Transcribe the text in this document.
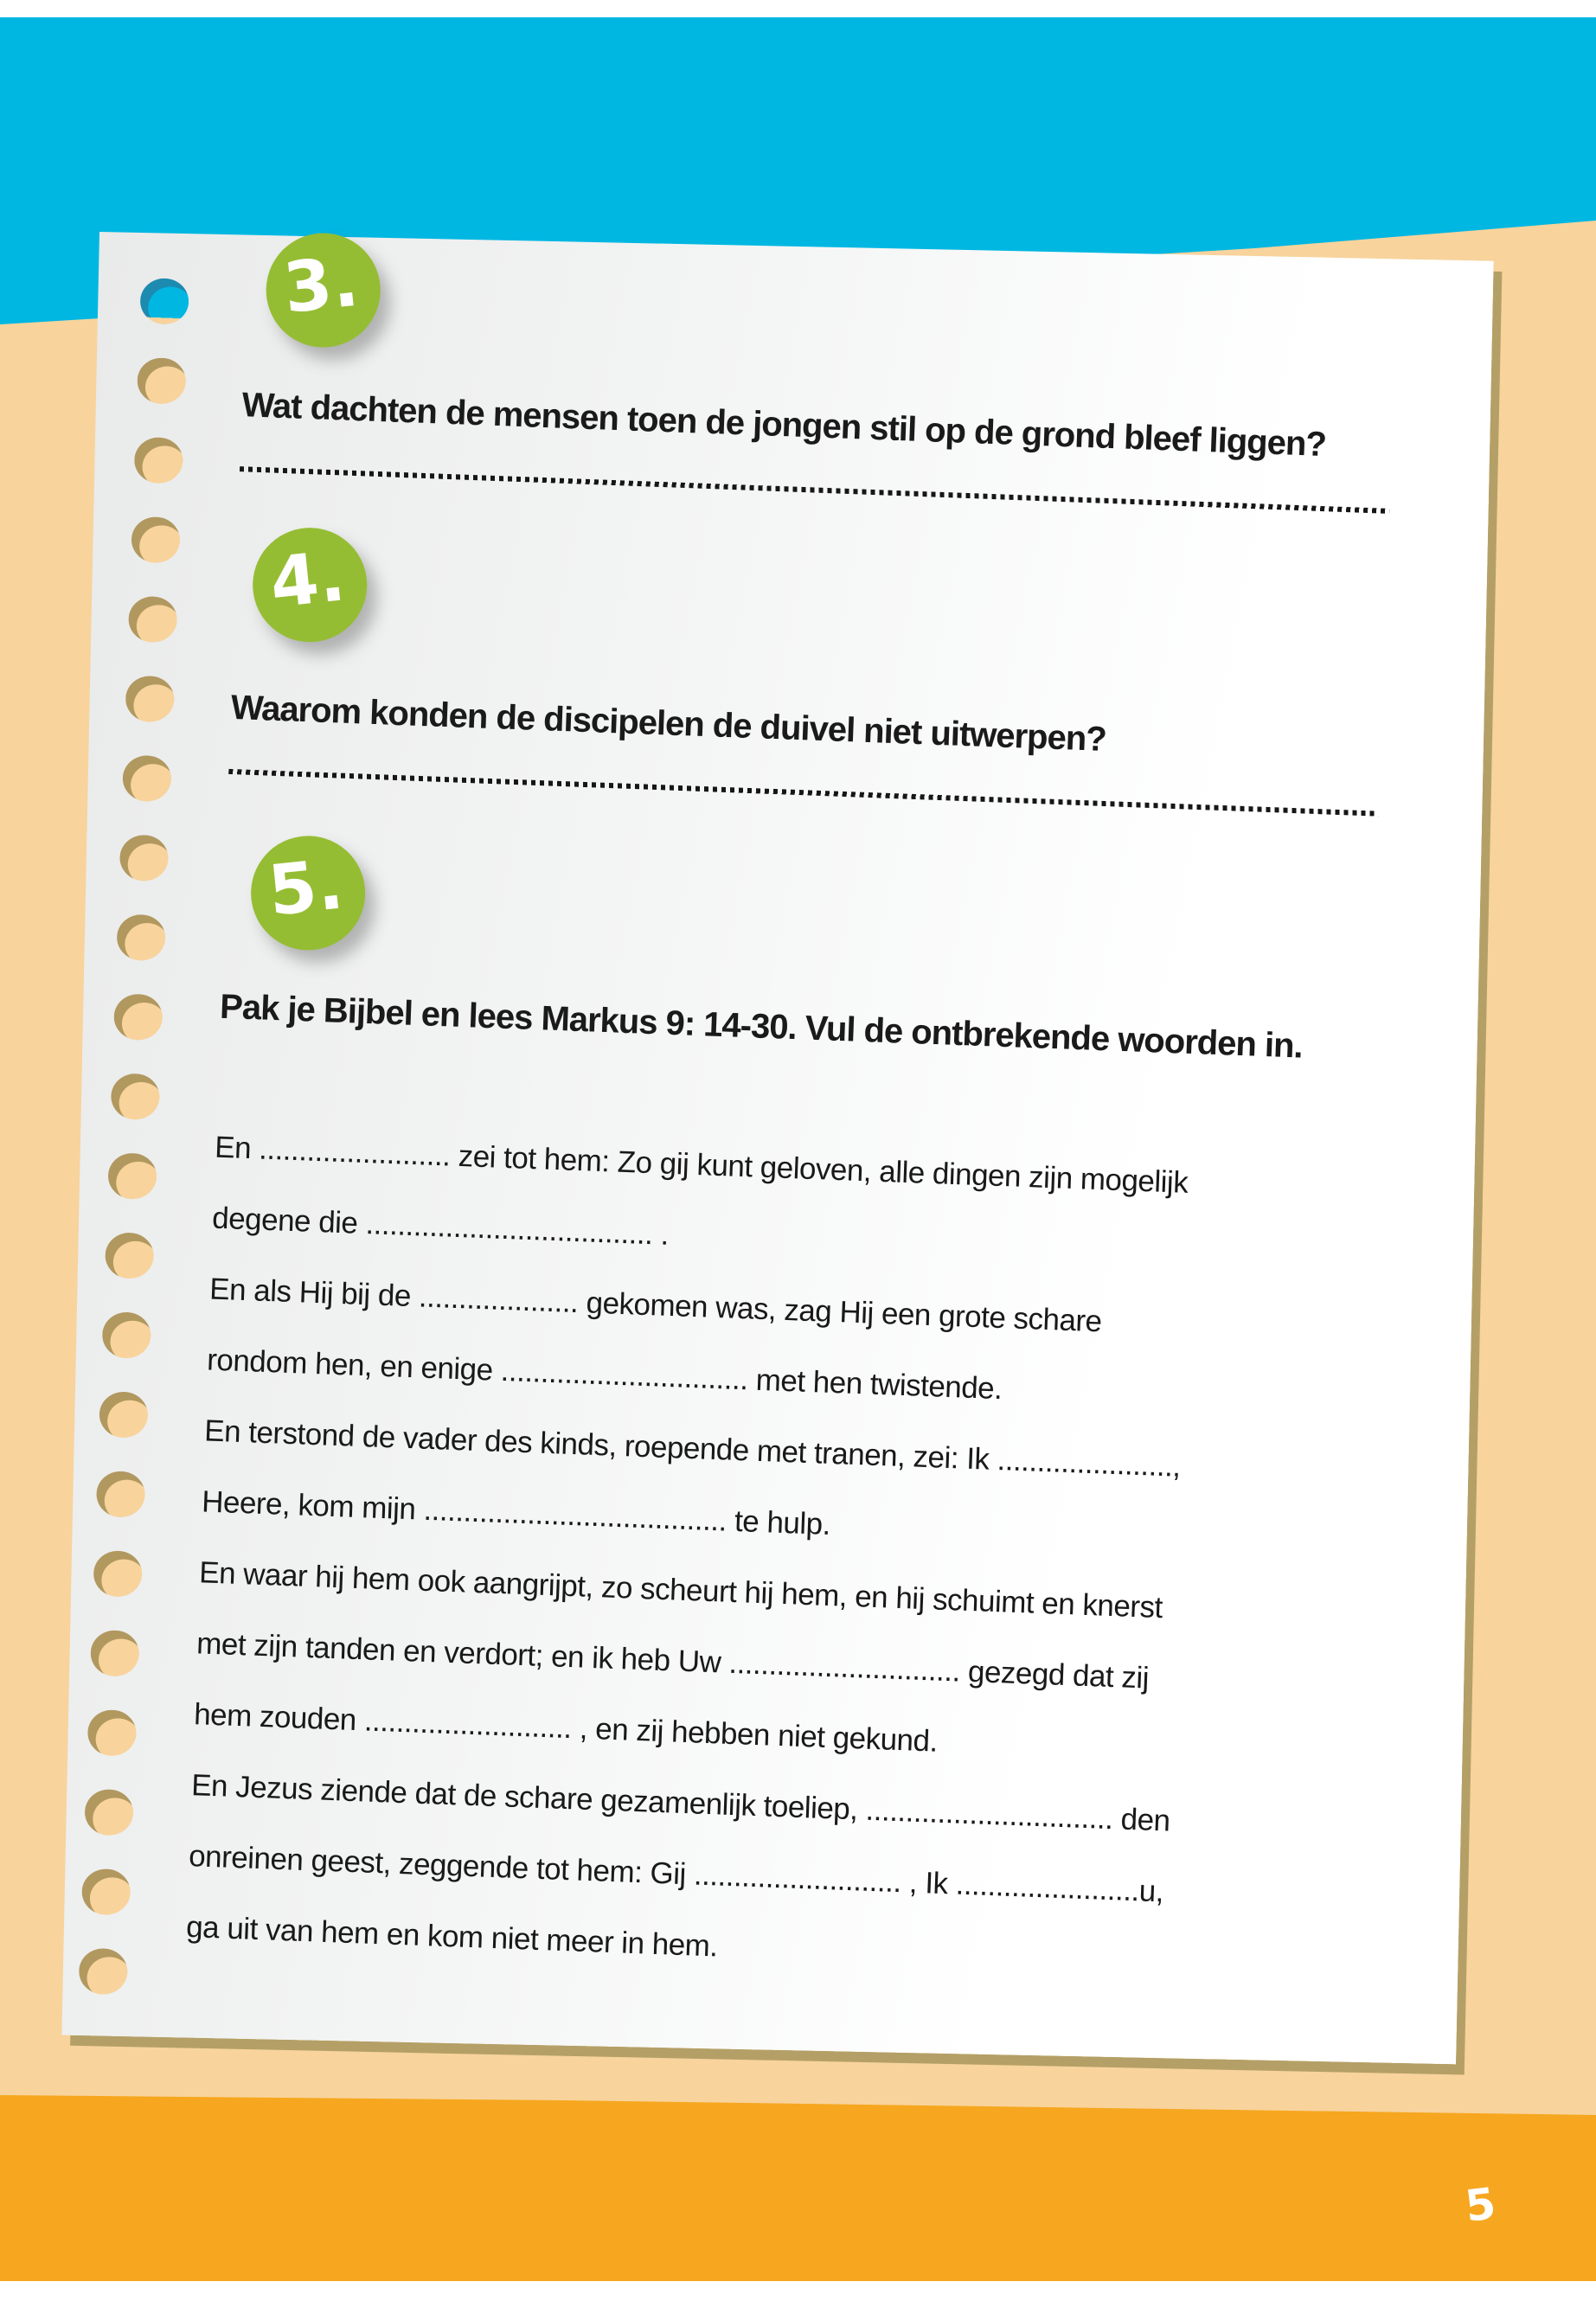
3.
Wat dachten de mensen toen de jongen stil op de grond bleef liggen?
4.
Waarom konden de discipelen de duivel niet uitwerpen?
5.
Pak je Bijbel en lees Markus 9: 14-30. Vul de ontbrekende woorden in.
En ........................ zei tot hem: Zo gij kunt geloven, alle dingen zijn mogelijk
degene die .................................... .
En als Hij bij de .................... gekomen was, zag Hij een grote schare
rondom hen, en enige ............................... met hen twistende.
En terstond de vader des kinds, roepende met tranen, zei: Ik ......................,
Heere, kom mijn ...................................... te hulp.
En waar hij hem ook aangrijpt, zo scheurt hij hem, en hij schuimt en knerst
met zijn tanden en verdort; en ik heb Uw ............................. gezegd dat zij
hem zouden .......................... , en zij hebben niet gekund.
En Jezus ziende dat de schare gezamenlijk toeliep, ............................... den
onreinen geest, zeggende tot hem: Gij .......................... , Ik .......................u,
ga uit van hem en kom niet meer in hem.
5
